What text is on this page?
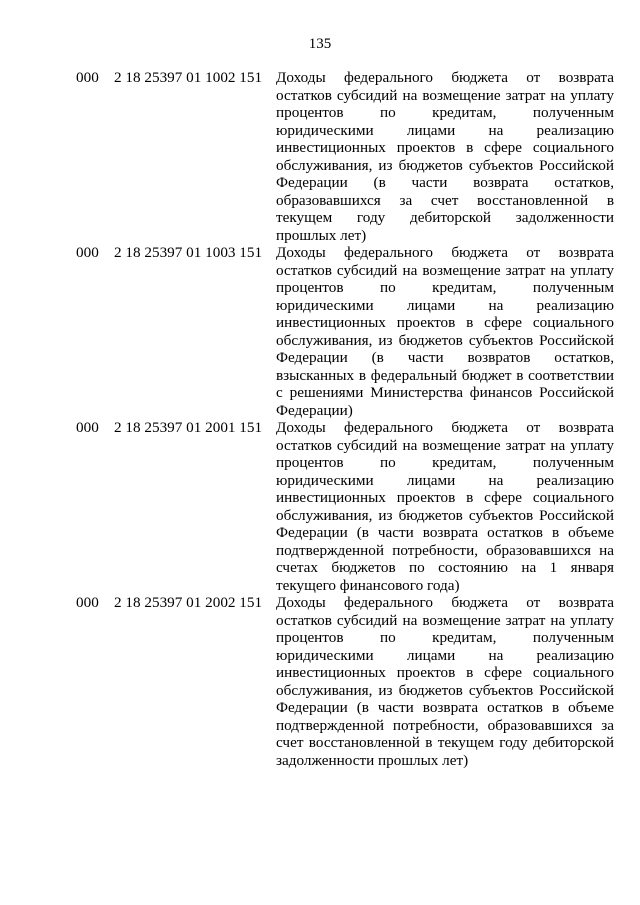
135
000	2 18 25397 01 1002 151 Доходы федерального бюджета от возврата остатков субсидий на возмещение затрат на уплату процентов по кредитам, полученным юридическими лицами на реализацию инвестиционных проектов в сфере социального обслуживания, из бюджетов субъектов Российской Федерации (в части возврата остатков, образовавшихся за счет восстановленной в текущем году дебиторской задолженности прошлых лет)
000	2 18 25397 01 1003 151 Доходы федерального бюджета от возврата остатков субсидий на возмещение затрат на уплату процентов по кредитам, полученным юридическими лицами на реализацию инвестиционных проектов в сфере социального обслуживания, из бюджетов субъектов Российской Федерации (в части возвратов остатков, взысканных в федеральный бюджет в соответствии с решениями Министерства финансов Российской Федерации)
000	2 18 25397 01 2001 151 Доходы федерального бюджета от возврата остатков субсидий на возмещение затрат на уплату процентов по кредитам, полученным юридическими лицами на реализацию инвестиционных проектов в сфере социального обслуживания, из бюджетов субъектов Российской Федерации (в части возврата остатков в объеме подтвержденной потребности, образовавшихся на счетах бюджетов по состоянию на 1 января текущего финансового года)
000	2 18 25397 01 2002 151 Доходы федерального бюджета от возврата остатков субсидий на возмещение затрат на уплату процентов по кредитам, полученным юридическими лицами на реализацию инвестиционных проектов в сфере социального обслуживания, из бюджетов субъектов Российской Федерации (в части возврата остатков в объеме подтвержденной потребности, образовавшихся за счет восстановленной в текущем году дебиторской задолженности прошлых лет)
